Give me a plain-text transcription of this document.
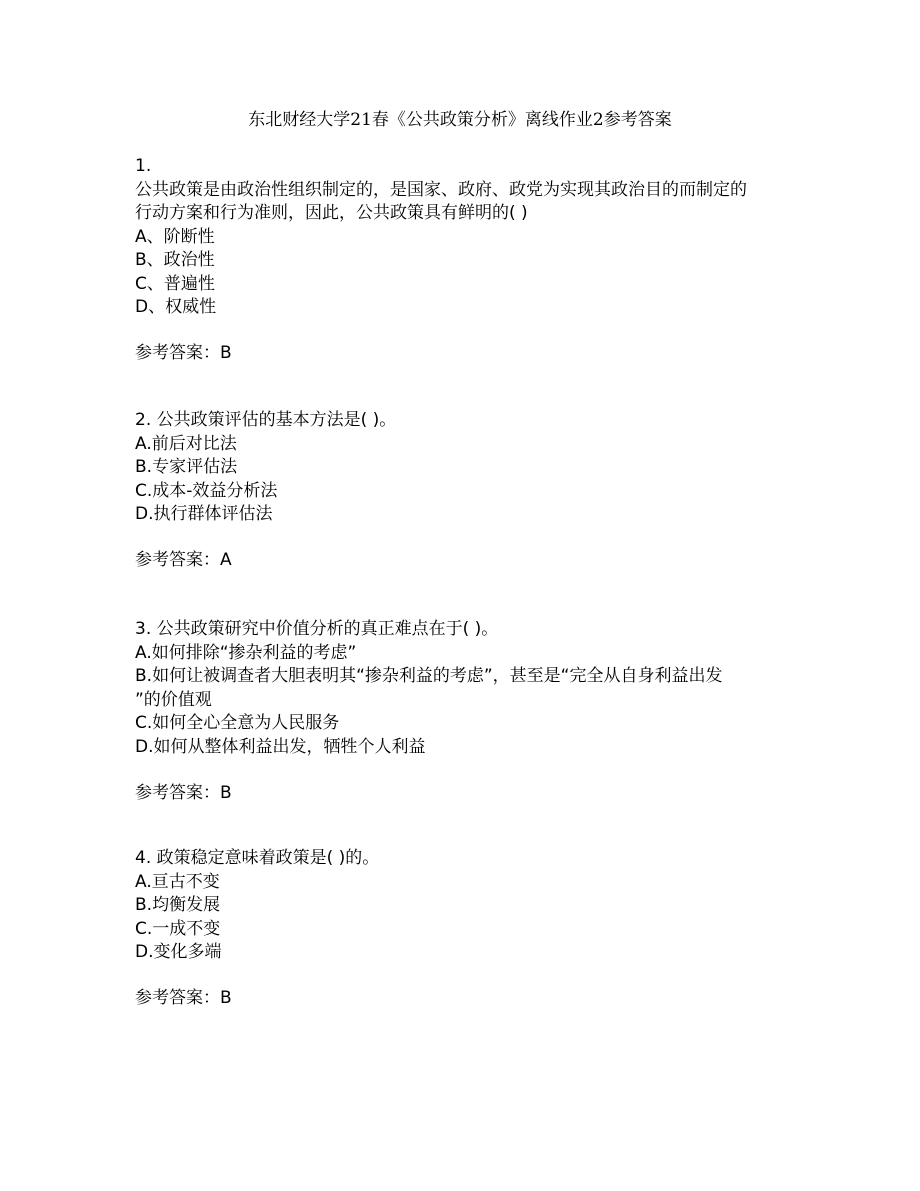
东北财经大学21春《公共政策分析》离线作业2参考答案
1.
公共政策是由政治性组织制定的，是国家、政府、政党为实现其政治目的而制定的
行动方案和行为准则，因此，公共政策具有鲜明的( )
A、阶断性
B、政治性
C、普遍性
D、权威性
参考答案：B
2. 公共政策评估的基本方法是( )。
A.前后对比法
B.专家评估法
C.成本-效益分析法
D.执行群体评估法
参考答案：A
3. 公共政策研究中价值分析的真正难点在于( )。
A.如何排除“掺杂利益的考虑”
B.如何让被调查者大胆表明其“掺杂利益的考虑”，甚至是“完全从自身利益出发
”的价值观
C.如何全心全意为人民服务
D.如何从整体利益出发，牺牲个人利益
参考答案：B
4. 政策稳定意味着政策是( )的。
A.亘古不变
B.均衡发展
C.一成不变
D.变化多端
参考答案：B
